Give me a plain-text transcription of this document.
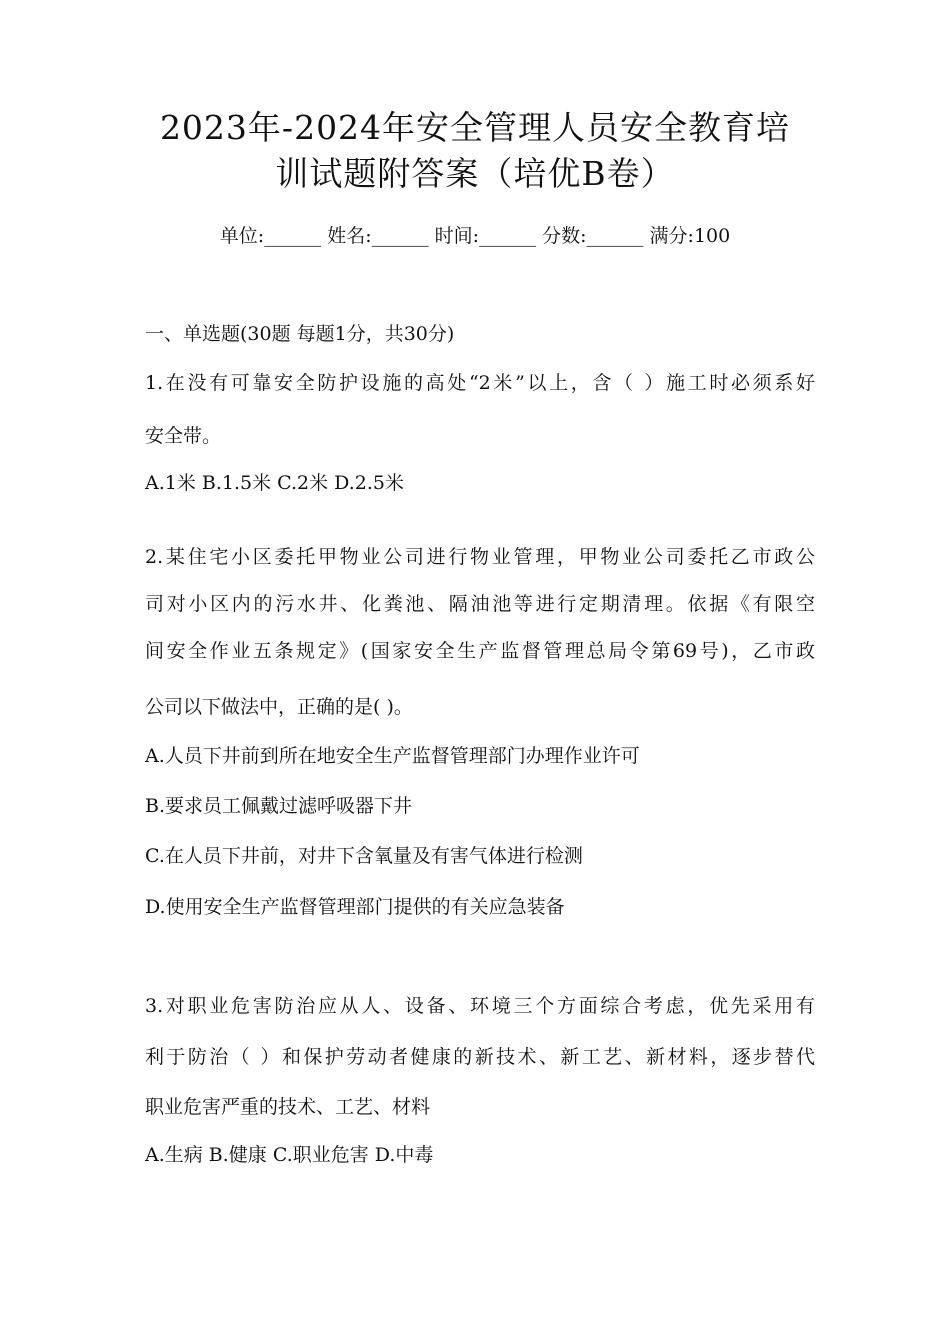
2023年-2024年安全管理人员安全教育培
训试题附答案（培优B卷）
单位:______ 姓名:______ 时间:______ 分数:______ 满分:100
一、单选题(30题 每题1分，共30分)
1.在没有可靠安全防护设施的高处“2米”以上，含（ ）施工时必须系好
安全带。
A.1米 B.1.5米 C.2米 D.2.5米
2.某住宅小区委托甲物业公司进行物业管理，甲物业公司委托乙市政公
司对小区内的污水井、化粪池、隔油池等进行定期清理。依据《有限空
间安全作业五条规定》(国家安全生产监督管理总局令第69号)，乙市政
公司以下做法中，正确的是( )。
A.人员下井前到所在地安全生产监督管理部门办理作业许可
B.要求员工佩戴过滤呼吸器下井
C.在人员下井前，对井下含氧量及有害气体进行检测
D.使用安全生产监督管理部门提供的有关应急装备
3.对职业危害防治应从人、设备、环境三个方面综合考虑，优先采用有
利于防治（ ）和保护劳动者健康的新技术、新工艺、新材料，逐步替代
职业危害严重的技术、工艺、材料
A.生病 B.健康 C.职业危害 D.中毒
